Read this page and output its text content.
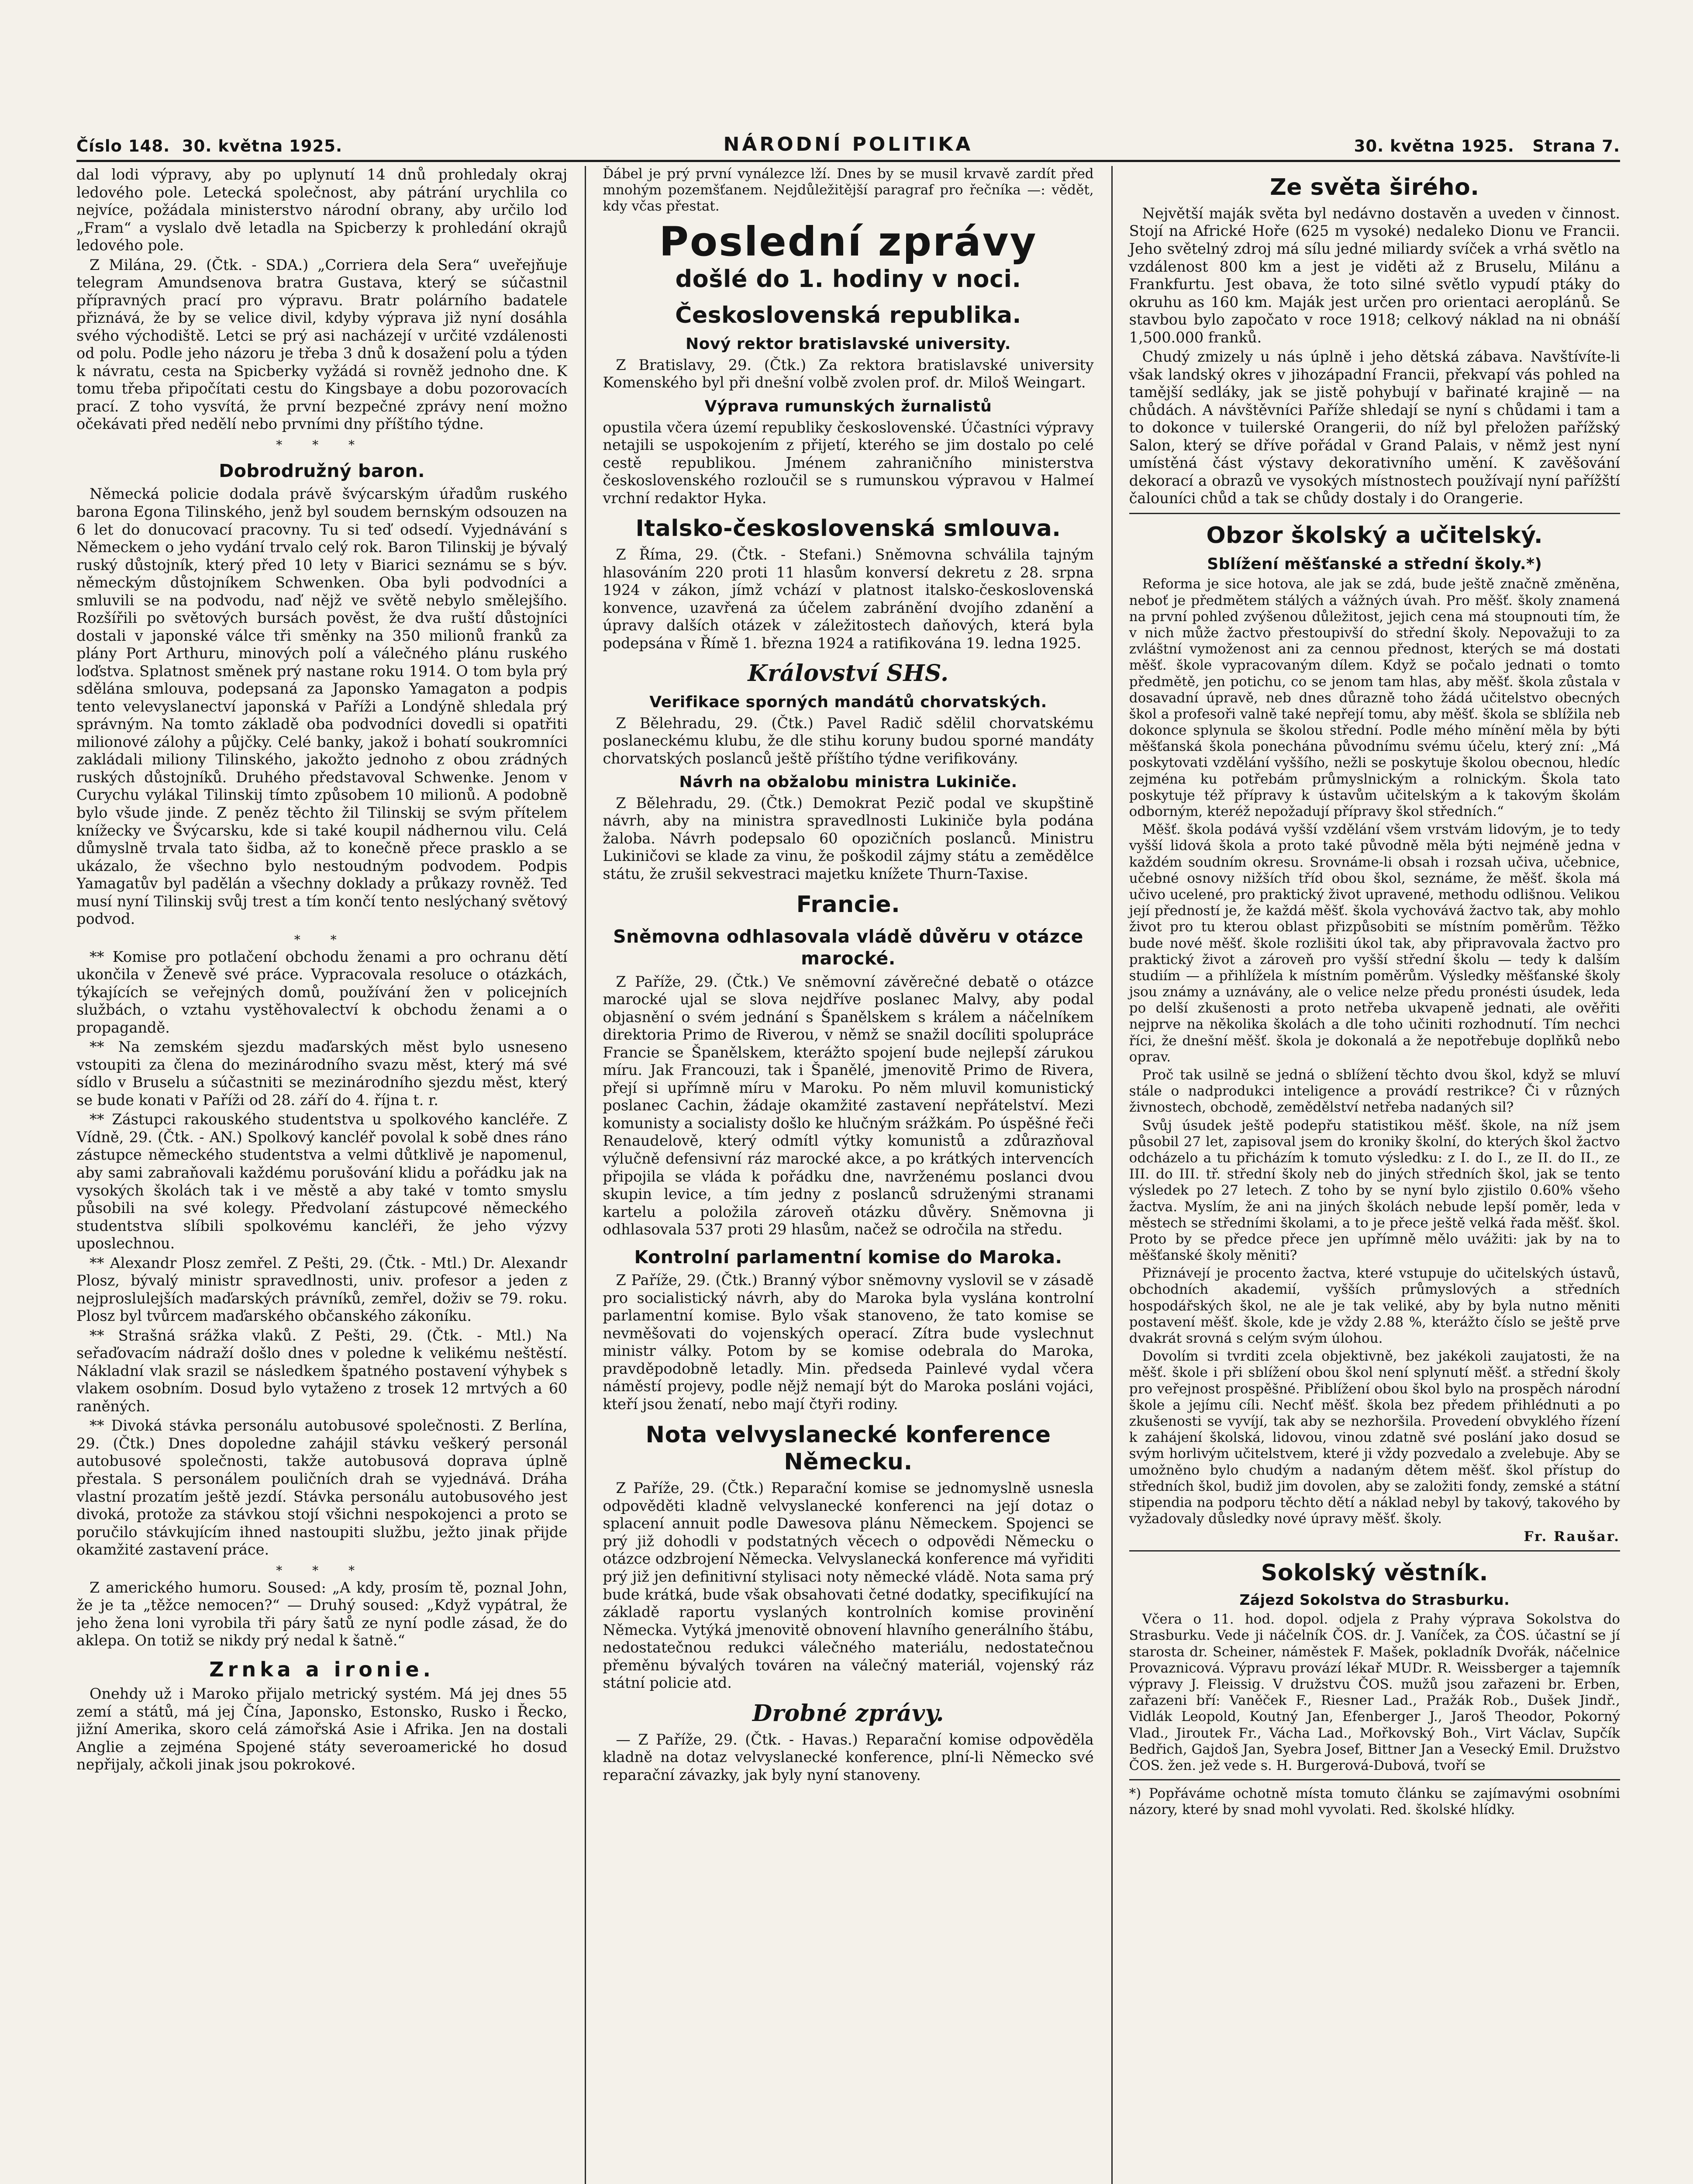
Číslo 148. 30. května 1925.	NÁRODNÍ POLITIKA	30. května 1925. Strana 7.

dal lodi výpravy, aby po uplynutí 14 dnů prohledaly okraj ledového pole. Letecká společnost, aby pátrání urychlila co nejvíce, požádala ministerstvo národní obrany, aby určilo loď „Fram“ a vyslalo dvě letadla na Spicberzy k prohledání okrajů ledového pole.

Z Milána, 29. (Čtk. - SDA.) „Corriera dela Sera“ uveřejňuje telegram Amundsenova bratra Gustava, který se súčastnil přípravných prací pro výpravu. Bratr polárního badatele přiznává, že by se velice divil, kdyby výprava již nyní dosáhla svého východiště. Letci se prý asi nacházejí v určité vzdálenosti od polu. Podle jeho názoru je třeba 3 dnů k dosažení polu a týden k návratu, cesta na Spicberky vyžádá si rovněž jednoho dne. K tomu třeba připočítati cestu do Kingsbaye a dobu pozorovacích prací. Z toho vysvítá, že první bezpečné zprávy není možno očekávati před nedělí nebo prvními dny příštího týdne.

* * *
Dobrodružný baron.

Německá policie dodala právě švýcarským úřadům ruského barona Egona Tilinského, jenž byl soudem bernským odsouzen na 6 let do donucovací pracovny. Tu si teď odsedí. Vyjednávání s Německem o jeho vydání trvalo celý rok. Baron Tilinskij je bývalý ruský důstojník, který před 10 lety v Biarici seznámu se s býv. německým důstojníkem Schwenken. Oba byli podvodníci a smluvili se na podvodu, naď nějž ve světě nebylo smělejšího. Rozšířili po světových bursách pověst, že dva ruští důstojníci dostali v japonské válce tři směnky na 350 milionů franků za plány Port Arthuru, minových polí a válečného plánu ruského loďstva. Splatnost směnek prý nastane roku 1914. O tom byla prý sdělána smlouva, podepsaná za Japonsko Yamagaton a podpis tento velevyslanectví japonská v Paříži a Londýně shledala prý správným. Na tomto základě oba podvodníci dovedli si opatřiti milionové zálohy a půjčky. Celé banky, jakož i bohatí soukromníci zakládali miliony Tilinského, jakožto jednoho z obou zrádných ruských důstojníků. Druhého představoval Schwenke. Jenom v Curychu vylákal Tilinskij tímto způsobem 10 milionů. A podobně bylo všude jinde. Z peněz těchto žil Tilinskij se svým přítelem knížecky ve Švýcarsku, kde si také koupil nádhernou vilu. Celá důmyslně trvala tato šidba, až to konečně přece prasklo a se ukázalo, že všechno bylo nestoudným podvodem. Podpis Yamagatův byl padělán a všechny doklady a průkazy rovněž. Teď musí nyní Tilinskij svůj trest a tím končí tento neslýchaný světový podvod.

* *

** Komise pro potlačení obchodu ženami a pro ochranu dětí ukončila v Ženevě své práce. Vypracovala resoluce o otázkách, týkajících se veřejných domů, používání žen v policejních službách, o vztahu vystěhovalectví k obchodu ženami a o propagandě.

** Na zemském sjezdu maďarských měst bylo usneseno vstoupiti za člena do mezinárodního svazu měst, který má své sídlo v Bruselu a súčastniti se mezinárodního sjezdu měst, který se bude konati v Paříži od 28. září do 4. října t. r.

** Zástupci rakouského studentstva u spolkového kancléře. Z Vídně, 29. (Čtk. - AN.) Spolkový kancléř povolal k sobě dnes ráno zástupce německého studentstva a velmi důtklivě je napomenul, aby sami zabraňovali každému porušování klidu a pořádku jak na vysokých školách tak i ve městě a aby také v tomto smyslu působili na své kolegy. Předvolaní zástupcové německého studentstva slíbili spolkovému kancléři, že jeho výzvy uposlechnou.

** Alexandr Plosz zemřel. Z Pešti, 29. (Čtk. - Mtl.) Dr. Alexandr Plosz, bývalý ministr spravedlnosti, univ. profesor a jeden z nejproslulejších maďarských právníků, zemřel, doživ se 79. roku. Plosz byl tvůrcem maďarského občanského zákoníku.

** Strašná srážka vlaků. Z Pešti, 29. (Čtk. - Mtl.) Na seřaďovacím nádraží došlo dnes v poledne k velikému neštěstí. Nákladní vlak srazil se následkem špatného postavení výhybek s vlakem osobním. Dosud bylo vytaženo z trosek 12 mrtvých a 60 raněných.

** Divoká stávka personálu autobusové společnosti. Z Berlína, 29. (Čtk.) Dnes dopoledne zahájil stávku veškerý personál autobusové společnosti, takže autobusová doprava úplně přestala. S personálem pouličních drah se vyjednává. Dráha vlastní prozatím ještě jezdí. Stávka personálu autobusového jest divoká, protože za stávkou stojí všichni nespokojenci a proto se poručilo stávkujícím ihned nastoupiti službu, ježto jinak přijde okamžité zastavení práce.

* * *

Z amerického humoru. Soused: „A kdy, prosím tě, poznal John, že je ta „těžce nemocen?“ — Druhý soused: „Když vypátral, že jeho žena loni vyrobila tři páry šatů ze nyní podle zásad, že do aklepa. On totiž se nikdy prý nedal k šatně.“

Zrnka a ironie.

Onehdy už i Maroko přijalo metrický systém. Má jej dnes 55 zemí a států, má jej Čína, Japonsko, Estonsko, Rusko i Řecko, jižní Amerika, skoro celá zámořská Asie i Afrika. Jen na dostali Anglie a zejména Spojené státy severoamerické ho dosud nepřijaly, ačkoli jinak jsou pokrokové.

Ďábel je prý první vynálezce lží. Dnes by se musil krvavě zardít před mnohým pozemšťanem. Nejdůležitější paragraf pro řečníka —: vědět, kdy včas přestat.

Poslední zprávy
došlé do 1. hodiny v noci.
Československá republika.
Nový rektor bratislavské university.

Z Bratislavy, 29. (Čtk.) Za rektora bratislavské university Komenského byl při dnešní volbě zvolen prof. dr. Miloš Weingart.

Výprava rumunských žurnalistů

opustila včera území republiky československé. Účastníci výpravy netajili se uspokojením z přijetí, kterého se jim dostalo po celé cestě republikou. Jménem zahraničního ministerstva československého rozloučil se s rumunskou výpravou v Halmeí vrchní redaktor Hyka.

Italsko-československá smlouva.

Z Říma, 29. (Čtk. - Stefani.) Sněmovna schválila tajným hlasováním 220 proti 11 hlasům konversí dekretu z 28. srpna 1924 v zákon, jímž vchází v platnost italsko-československá konvence, uzavřená za účelem zabránění dvojího zdanění a úpravy dalších otázek v záležitostech daňových, která byla podepsána v Římě 1. března 1924 a ratifikována 19. ledna 1925.

Království SHS.
Verifikace sporných mandátů chorvatských.

Z Bělehradu, 29. (Čtk.) Pavel Radič sdělil chorvatskému poslaneckému klubu, že dle stihu koruny budou sporné mandáty chorvatských poslanců ještě příštího týdne verifikovány.

Návrh na obžalobu ministra Lukiniče.

Z Bělehradu, 29. (Čtk.) Demokrat Pezič podal ve skupštině návrh, aby na ministra spravedlnosti Lukiniče byla podána žaloba. Návrh podepsalo 60 opozičních poslanců. Ministru Lukiničovi se klade za vinu, že poškodil zájmy státu a zemědělce státu, že zrušil sekvestraci majetku knížete Thurn-Taxise.

Francie.
Sněmovna odhlasovala vládě důvěru v otázce marocké.

Z Paříže, 29. (Čtk.) Ve sněmovní závěrečné debatě o otázce marocké ujal se slova nejdříve poslanec Malvy, aby podal objasnění o svém jednání s Španělskem s králem a náčelníkem direktoria Primo de Riverou, v němž se snažil docíliti spolupráce Francie se Španělskem, kterážto spojení bude nejlepší zárukou míru. Jak Francouzi, tak i Španělé, jmenovitě Primo de Rivera, přejí si upřímně míru v Maroku. Po něm mluvil komunistický poslanec Cachin, žádaje okamžité zastavení nepřátelství. Mezi komunisty a socialisty došlo ke hlučným srážkám. Po úspěšné řeči Renaudelově, který odmítl výtky komunistů a zdůrazňoval výlučně defensivní ráz marocké akce, a po krátkých intervencích připojila se vláda k pořádku dne, navrženému poslanci dvou skupin levice, a tím jedny z poslanců sdruženými stranami kartelu a položila zároveň otázku důvěry. Sněmovna ji odhlasovala 537 proti 29 hlasům, načež se odročila na středu.

Kontrolní parlamentní komise do Maroka.

Z Paříže, 29. (Čtk.) Branný výbor sněmovny vyslovil se v zásadě pro socialistický návrh, aby do Maroka byla vyslána kontrolní parlamentní komise. Bylo však stanoveno, že tato komise se nevměšovati do vojenských operací. Zítra bude vyslechnut ministr války. Potom by se komise odebrala do Maroka, pravděpodobně letadly. Min. předseda Painlevé vydal včera náměstí projevy, podle nějž nemají být do Maroka posláni vojáci, kteří jsou ženatí, nebo mají čtyři rodiny.

Nota velvyslanecké konference Německu.

Z Paříže, 29. (Čtk.) Reparační komise se jednomyslně usnesla odpověděti kladně velvyslanecké konferenci na její dotaz o splacení annuit podle Dawesova plánu Německem. Spojenci se prý již dohodli v podstatných věcech o odpovědi Německu o otázce odzbrojení Německa. Velvyslanecká konference má vyřiditi prý již jen definitivní stylisaci noty německé vládě. Nota sama prý bude krátká, bude však obsahovati četné dodatky, specifikující na základě raportu vyslaných kontrolních komise provinění Německa. Vytýká jmenovitě obnovení hlavního generálního štábu, nedostatečnou redukci válečného materiálu, nedostatečnou přeměnu bývalých továren na válečný materiál, vojenský ráz státní policie atd.

Drobné zprávy.

— Z Paříže, 29. (Čtk. - Havas.) Reparační komise odpověděla kladně na dotaz velvyslanecké konference, plní-li Německo své reparační závazky, jak byly nyní stanoveny.

Ze světa širého.

Největší maják světa byl nedávno dostavěn a uveden v činnost. Stojí na Africké Hoře (625 m vysoké) nedaleko Dionu ve Francii. Jeho světelný zdroj má sílu jedné miliardy svíček a vrhá světlo na vzdálenost 800 km a jest je viděti až z Bruselu, Milánu a Frankfurtu. Jest obava, že toto silné světlo vypudí ptáky do okruhu as 160 km. Maják jest určen pro orientaci aeroplánů. Se stavbou bylo započato v roce 1918; celkový náklad na ni obnáší 1,500.000 franků.

Chudý zmizely u nás úplně i jeho dětská zábava. Navštívíte-li však landský okres v jihozápadní Francii, překvapí vás pohled na tamější sedláky, jak se jistě pohybují v bařinaté krajině — na chůdách. A návštěvníci Paříže shledají se nyní s chůdami i tam a to dokonce v tuilerské Orangerii, do níž byl přeložen pařížský Salon, který se dříve pořádal v Grand Palais, v němž jest nyní umístěná část výstavy dekorativního umění. K zavěšování dekorací a obrazů ve vysokých místnostech používají nyní pařížští čalouníci chůd a tak se chůdy dostaly i do Orangerie.

Obzor školský a učitelský.
Sblížení měšťanské a střední školy.*)

Reforma je sice hotova, ale jak se zdá, bude ještě značně změněna, neboť je předmětem stálých a vážných úvah. Pro měšť. školy znamená na první pohled zvýšenou důležitost, jejich cena má stoupnouti tím, že v nich může žactvo přestoupivší do střední školy. Nepovažuji to za zvláštní vymoženost ani za cennou přednost, kterých se má dostati měšť. škole vypracovaným dílem. Když se počalo jednati o tomto předmětě, jen potichu, co se jenom tam hlas, aby měšť. škola zůstala v dosavadní úpravě, neb dnes důrazně toho žádá učitelstvo obecných škol a profesoři valně také nepřejí tomu, aby měšť. škola se sblížila neb dokonce splynula se školou střední. Podle mého mínění měla by býti měšťanská škola ponechána původnímu svému účelu, který zní: „Má poskytovati vzdělání vyššího, nežli se poskytuje školou obecnou, hledíc zejména ku potřebám průmyslnickým a rolnickým. Škola tato poskytuje též přípravy k ústavům učitelským a k takovým školám odborným, kteréž nepožadují přípravy škol středních.“

Měšť. škola podává vyšší vzdělání všem vrstvám lidovým, je to tedy vyšší lidová škola a proto také původně měla býti nejméně jedna v každém soudním okresu. Srovnáme-li obsah i rozsah učiva, učebnice, učebné osnovy nižších tříd obou škol, seznáme, že měšť. škola má učivo ucelené, pro praktický život upravené, methodu odlišnou. Velikou její předností je, že každá měšť. škola vychovává žactvo tak, aby mohlo život pro tu kterou oblast přizpůsobiti se místním poměrům. Těžko bude nové měšť. škole rozlišiti úkol tak, aby připravovala žactvo pro praktický život a zároveň pro vyšší střední školu — tedy k dalším studiím — a přihlížela k místním poměrům. Výsledky měšťanské školy jsou známy a uznávány, ale o velice nelze předu pronésti úsudek, leda po delší zkušenosti a proto netřeba ukvapeně jednati, ale ověřiti nejprve na několika školách a dle toho učiniti rozhodnutí. Tím nechci říci, že dnešní měšť. škola je dokonalá a že nepotřebuje doplňků nebo oprav.

Proč tak usilně se jedná o sblížení těchto dvou škol, když se mluví stále o nadprodukci inteligence a provádí restrikce? Či v různých živnostech, obchodě, zemědělství netřeba nadaných sil?

Svůj úsudek ještě podepřu statistikou měšť. škole, na níž jsem působil 27 let, zapisoval jsem do kroniky školní, do kterých škol žactvo odcházelo a tu přicházím k tomuto výsledku: z I. do I., ze II. do II., ze III. do III. tř. střední školy neb do jiných středních škol, jak se tento výsledek po 27 letech. Z toho by se nyní bylo zjistilo 0.60% všeho žactva. Myslím, že ani na jiných školách nebude lepší poměr, leda v městech se středními školami, a to je přece ještě velká řada měšť. škol. Proto by se předce přece jen upřímně mělo uvážiti: jak by na to měšťanské školy měniti?

Přiznávejí je procento žactva, které vstupuje do učitelských ústavů, obchodních akademií, vyšších průmyslových a středních hospodářských škol, ne ale je tak veliké, aby by byla nutno měniti postavení měšť. škole, kde je vždy 2.88 %, kterážto číslo se ještě prve dvakrát srovná s celým svým úlohou.

Dovolím si tvrditi zcela objektivně, bez jakékoli zaujatosti, že na měšť. škole i při sblížení obou škol není splynutí měšť. a střední školy pro veřejnost prospěšné. Přiblížení obou škol bylo na prospěch národní škole a jejímu cíli. Nechť měšť. škola bez předem přihlédnuti a po zkušenosti se vyvíjí, tak aby se nezhoršila. Provedení obvyklého řízení k zahájení školská, lidovou, vinou zdatně své poslání jako dosud se svým horlivým učitelstvem, které ji vždy pozvedalo a zvelebuje. Aby se umožněno bylo chudým a nadaným dětem měšť. škol přístup do středních škol, budiž jim dovolen, aby se založiti fondy, zemské a státní stipendia na podporu těchto dětí a náklad nebyl by takový, takového by vyžadovaly důsledky nové úpravy měšť. školy.

Fr. Raušar.

Sokolský věstník.
Zájezd Sokolstva do Strasburku.

Včera o 11. hod. dopol. odjela z Prahy výprava Sokolstva do Strasburku. Vede ji náčelník ČOS. dr. J. Vaníček, za ČOS. účastní se jí starosta dr. Scheiner, náměstek F. Mašek, pokladník Dvořák, náčelnice Provaznicová. Výpravu provází lékař MUDr. R. Weissberger a tajemník výpravy J. Fleissig. V družstvu ČOS. mužů jsou zařazeni br. Erben, zařazeni bří: Vaněček F., Riesner Lad., Pražák Rob., Dušek Jindř., Vidlák Leopold, Koutný Jan, Efenberger J., Jaroš Theodor, Pokorný Vlad., Jiroutek Fr., Vácha Lad., Mořkovský Boh., Virt Václav, Supčík Bedřich, Gajdoš Jan, Syebra Josef, Bittner Jan a Vesecký Emil. Družstvo ČOS. žen. jež vede s. H. Burgerová-Dubová, tvoří se

*) Popřáváme ochotně místa tomuto článku se zajímavými osobními názory, které by snad mohl vyvolati. Red. školské hlídky.
